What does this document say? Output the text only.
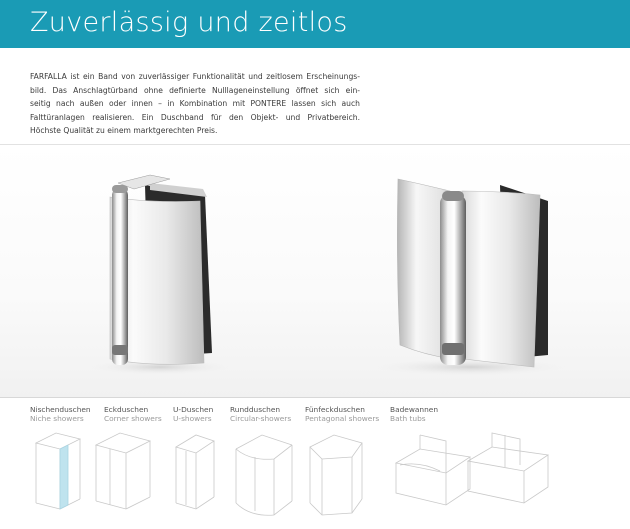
Zuverlässig und zeitlos

FARFALLA ist ein Band von zuverlässiger Funktionalität und zeitlosem Erscheinungs-
bild. Das Anschlagtürband ohne definierte Nulllageneinstellung öffnet sich ein-
seitig nach außen oder innen – in Kombination mit PONTERE lassen sich auch
Falttüranlagen realisieren. Ein Duschband für den Objekt- und Privatbereich.
Höchste Qualität zu einem marktgerechten Preis.

Nischenduschen
Niche showers
Eckduschen
Corner showers
U-Duschen
U-showers
Rundduschen
Circular-showers
Fünfeckduschen
Pentagonal showers
Badewannen
Bath tubs
